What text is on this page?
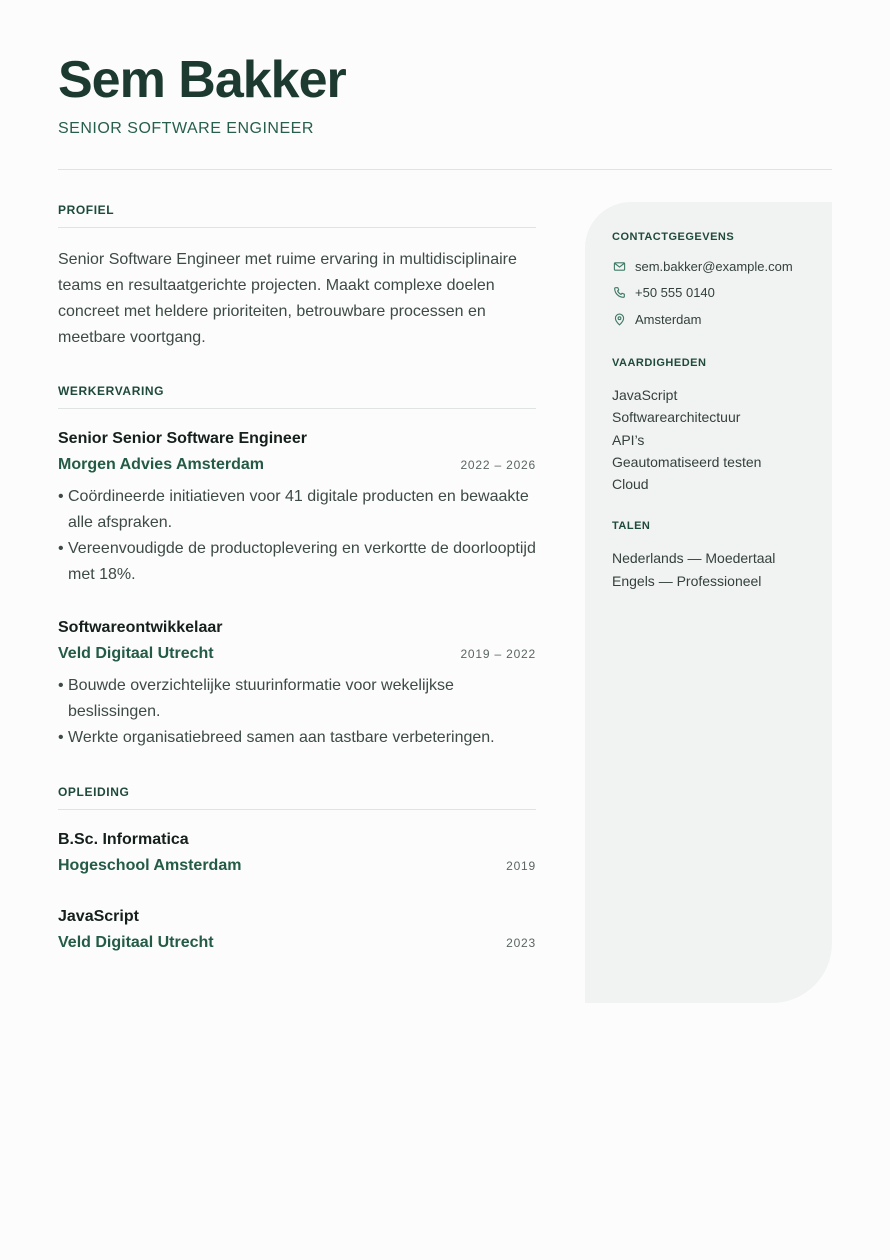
Sem Bakker
SENIOR SOFTWARE ENGINEER
PROFIEL

Senior Software Engineer met ruime ervaring in multidisciplinaire teams en resultaatgerichte projecten. Maakt complexe doelen concreet met heldere prioriteiten, betrouwbare processen en meetbare voortgang.

WERKERVARING
Senior Senior Software Engineer
Morgen Advies Amsterdam	2022 – 2026
• Coördineerde initiatieven voor 41 digitale producten en bewaakte alle afspraken.
• Vereenvoudigde de productoplevering en verkortte de doorlooptijd met 18%.
Softwareontwikkelaar
Veld Digitaal Utrecht	2019 – 2022
• Bouwde overzichtelijke stuurinformatie voor wekelijkse beslissingen.
• Werkte organisatiebreed samen aan tastbare verbeteringen.
OPLEIDING
B.Sc. Informatica
Hogeschool Amsterdam	2019
JavaScript
Veld Digitaal Utrecht	2023
CONTACTGEGEVENS
sem.bakker@example.com
+50 555 0140
Amsterdam
VAARDIGHEDEN
JavaScript
Softwarearchitectuur
API’s
Geautomatiseerd testen
Cloud
TALEN
Nederlands — Moedertaal
Engels — Professioneel
